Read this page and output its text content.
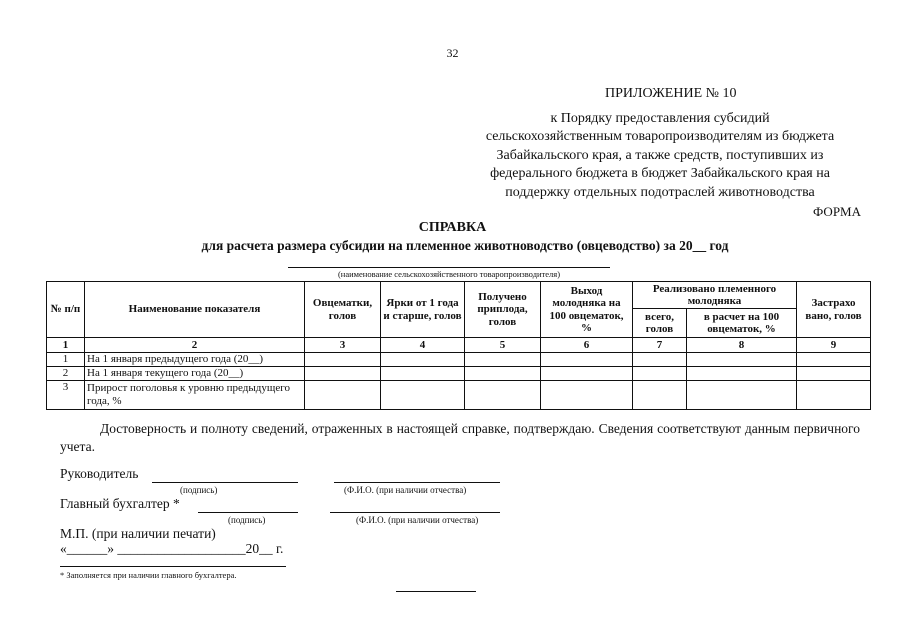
32
ПРИЛОЖЕНИЕ № 10
к Порядку предоставления субсидий
сельскохозяйственным товаропроизводителям из бюджета
Забайкальского края, а также средств, поступивших из
федерального бюджета в бюджет Забайкальского края на
поддержку отдельных подотраслей животноводства
ФОРМА
СПРАВКА
для расчета размера субсидии на племенное животноводство (овцеводство) за 20__ год
(наименование сельскохозяйственного товаропроизводителя)
№ п/п	Наименование показателя	Овцематки, голов	Ярки от 1 года и старше, голов	Получено приплода, голов	Выход молодняка на 100 овцематок, %	Реализовано племенного молодняка		Застрахо вано, голов
						всего, голов	в расчет на 100 овцематок, %	
1	2	3	4	5	6	7	8	9
1	На 1 января предыдущего года (20__)							
2	На 1 января текущего года (20__)							
3	Прирост поголовья к уровню предыдущего года, %							
Достоверность и полноту сведений, отраженных в настоящей справке, подтверждаю. Сведения соответствуют данным первичного учета.
Руководитель
(подпись)	(Ф.И.О. (при наличии отчества)
Главный бухгалтер *
(подпись)	(Ф.И.О. (при наличии отчества)
М.П. (при наличии печати)
«______» ___________________20__ г.
* Заполняется при наличии главного бухгалтера.
